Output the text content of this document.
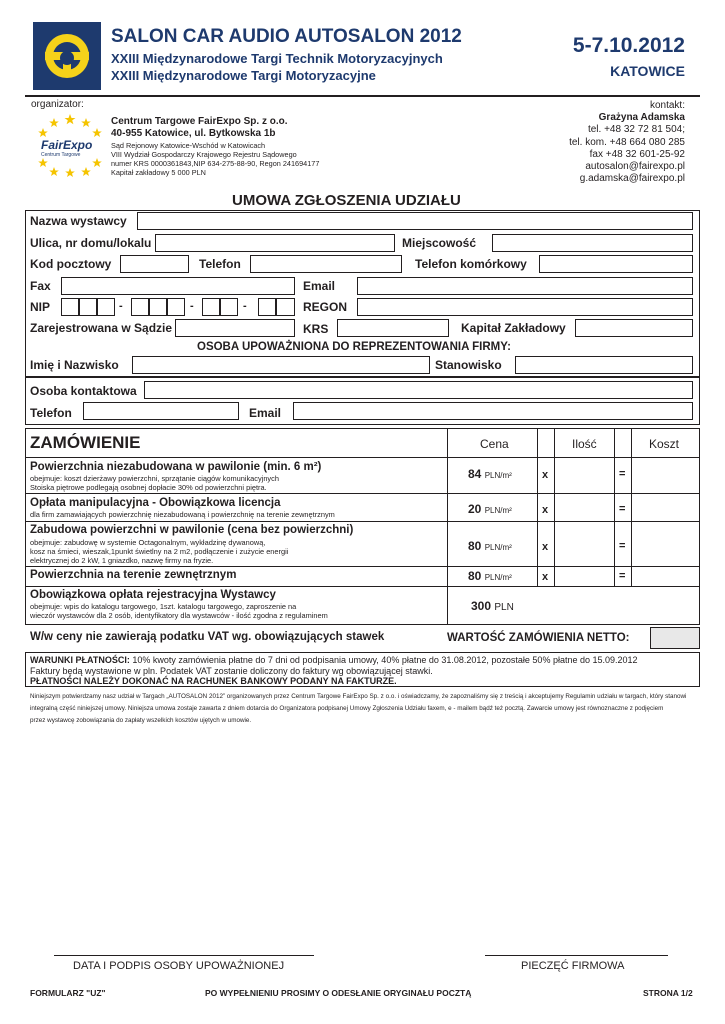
SALON CAR AUDIO AUTOSALON 2012
XXIII Międzynarodowe Targi Technik Motoryzacyjnych
XXIII Międzynarodowe Targi Motoryzacyjne
5-7.10.2012
KATOWICE
organizator:
FairExpo
Centrum Targowe
Centrum Targowe FairExpo Sp. z o.o.
40-955 Katowice, ul. Bytkowska 1b
Sąd Rejonowy Katowice-Wschód w Katowicach
VIII Wydział Gospodarczy Krajowego Rejestru Sądowego
numer KRS 0000361843,NIP 634-275-88-90, Regon 241694177
Kapitał zakładowy 5 000 PLN
kontakt:
Grażyna Adamska
tel. +48 32 72 81 504;
tel. kom. +48 664 080 285
fax +48 32 601-25-92
autosalon@fairexpo.pl
g.adamska@fairexpo.pl
UMOWA ZGŁOSZENIA UDZIAŁU
Nazwa wystawcy
Ulica, nr domu/lokalu	Miejscowość
Kod pocztowy	Telefon	Telefon komórkowy
Fax	Email
NIP	-	-	-	REGON
Zarejestrowana w Sądzie	KRS	Kapitał Zakładowy
OSOBA UPOWAŻNIONA DO REPREZENTOWANIA FIRMY:
Imię i Nazwisko	Stanowisko
Osoba kontaktowa
Telefon	Email
ZAMÓWIENIE	Cena	Ilość	Koszt
Powierzchnia niezabudowana w pawilonie (min. 6 m²)
obejmuje: koszt dzierżawy powierzchni, sprzątanie ciągów komunikacyjnych
Stoiska piętrowe podlegają osobnej dopłacie 30% od powierzchni piętra.
84 PLN/m²	x	=
Opłata manipulacyjna - Obowiązkowa licencja
dla firm zamawiających powierzchnię niezabudowaną i powierzchnię na terenie zewnętrznym	20 PLN/m²	x	=
Zabudowa powierzchni w pawilonie (cena bez powierzchni)
obejmuje: zabudowę w systemie Octagonalnym, wykładzinę dywanową,
kosz na śmieci, wieszak,1punkt świetlny na 2 m2, podłączenie i zużycie energii
elektrycznej do 2 kW, 1 gniazdko, nazwę firmy na fryzie.
80 PLN/m²	x	=
Powierzchnia na terenie zewnętrznym	80 PLN/m²	x	=
Obowiązkowa opłata rejestracyjna Wystawcy
obejmuje: wpis do katalogu targowego, 1szt. katalogu targowego, zaproszenie na
wieczór wystawców dla 2 osób, identyfikatory dla wystawców - ilość zgodna z regulaminem
300 PLN
W/w ceny nie zawierają podatku VAT wg. obowiązujących stawek	WARTOŚĆ ZAMÓWIENIA NETTO:
WARUNKI PŁATNOŚCI: 10% kwoty zamówienia płatne do 7 dni od podpisania umowy, 40% płatne do 31.08.2012, pozostałe 50% płatne do 15.09.2012
Faktury będą wystawione w pln. Podatek VAT zostanie doliczony do faktury wg obowiązującej stawki.
PŁATNOŚCI NALEŻY DOKONAĆ NA RACHUNEK BANKOWY PODANY NA FAKTURZE.
Niniejszym potwierdzamy nasz udział w Targach „AUTOSALON 2012” organizowanych przez Centrum Targowe FairExpo Sp. z o.o. i oświadczamy, że zapoznaliśmy się z treścią i akceptujemy Regulamin udziału w targach, który stanowi
integralną część niniejszej umowy. Niniejsza umowa zostaje zawarta z dniem dotarcia do Organizatora podpisanej Umowy Zgłoszenia Udziału faxem, e - mailem bądź też pocztą. Zawarcie umowy jest równoznaczne z podjęciem
przez wystawcę zobowiązania do zapłaty wszelkich kosztów ujętych w umowie.
DATA I PODPIS OSOBY UPOWAŻNIONEJ	PIECZĘĆ FIRMOWA
FORMULARZ "UZ"	PO WYPEŁNIENIU PROSIMY O ODESŁANIE ORYGINAŁU POCZTĄ	STRONA 1/2
